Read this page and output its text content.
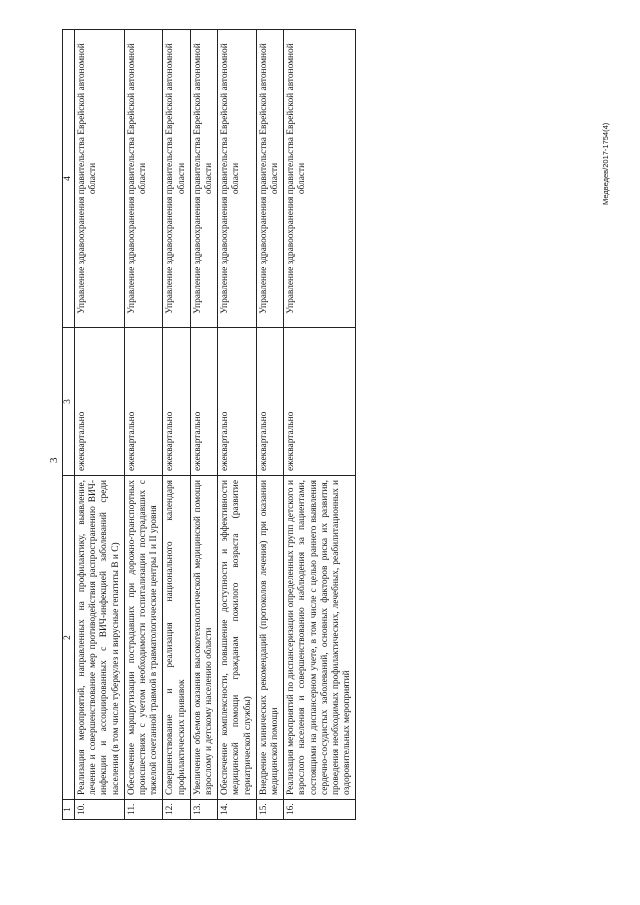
3
1	2	3	4
10.	Реализация мероприятий, направленных на профилактику, выявление, лечение и совершенствование мер противодействия распространению ВИЧ-инфекции и ассоциированных с ВИЧ-инфекцией заболеваний среди населения (в том числе туберкулез и вирусные гепатиты В и С)	ежеквартально	Управление здравоохранения правительства Еврейской автономной области
11.	Обеспечение маршрутизации пострадавших при дорожно-транспортных происшествиях с учетом необходимости госпитализации пострадавших с тяжелой сочетанной травмой в травматологические центры I и II уровня	ежеквартально	Управление здравоохранения правительства Еврейской автономной области
12.	Совершенствование и реализация национального календаря профилактических прививок	ежеквартально	Управление здравоохранения правительства Еврейской автономной области
13.	Увеличение объемов оказания высокотехнологической медицинской помощи взрослому и детскому населению области	ежеквартально	Управление здравоохранения правительства Еврейской автономной области
14.	Обеспечение комплексности, повышение доступности и эффективности медицинской помощи гражданам пожилого возраста (развитие гериатрической службы)	ежеквартально	Управление здравоохранения правительства Еврейской автономной области
15.	Внедрение клинических рекомендаций (протоколов лечения) при оказании медицинской помощи	ежеквартально	Управление здравоохранения правительства Еврейской автономной области
16.	Реализация мероприятий по диспансеризации определенных групп детского и взрослого населения и совершенствованию наблюдения за пациентами, состоящими на диспансерном учете, в том числе с целью раннего выявления сердечно-сосудистых заболеваний, основных факторов риска их развития, проведения необходимых профилактических, лечебных, реабилитационных и оздоровительных мероприятий	ежеквартально	Управление здравоохранения правительства Еврейской автономной области	Медведев/2017-1754(4)
